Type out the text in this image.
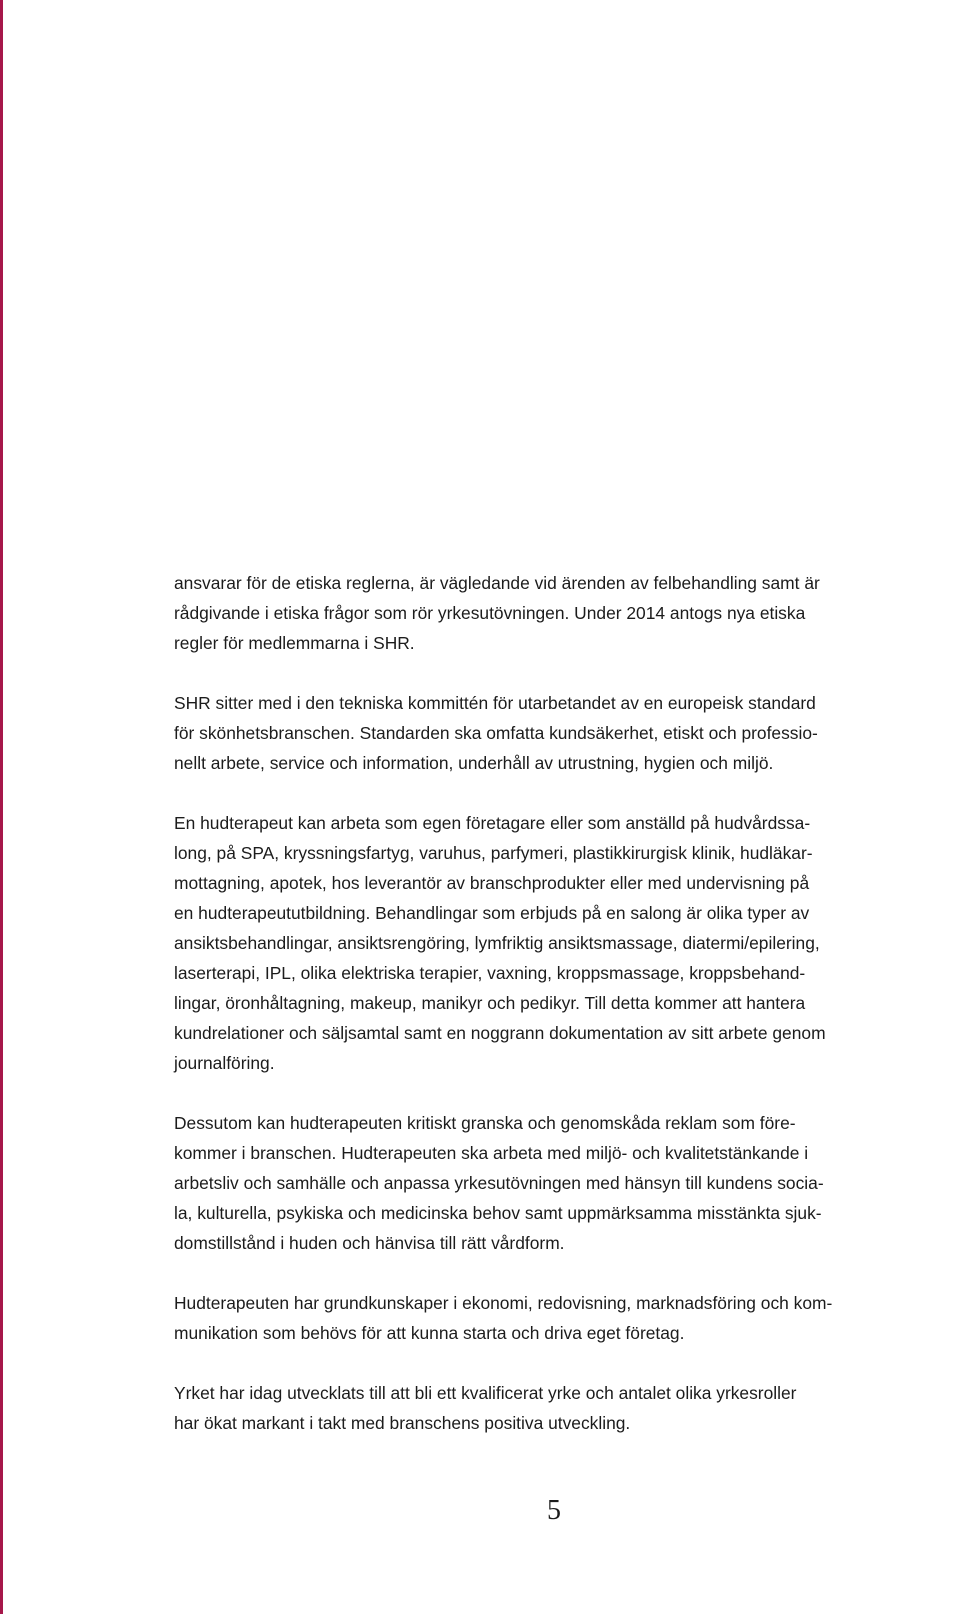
ansvarar för de etiska reglerna, är vägledande vid ärenden av felbehandling samt är
rådgivande i etiska frågor som rör yrkesutövningen. Under 2014 antogs nya etiska
regler för medlemmarna i SHR.

SHR sitter med i den tekniska kommittén för utarbetandet av en europeisk standard
för skönhetsbranschen. Standarden ska omfatta kundsäkerhet, etiskt och professio-
nellt arbete, service och information, underhåll av utrustning, hygien och miljö.

En hudterapeut kan arbeta som egen företagare eller som anställd på hudvårdssa-
long, på SPA, kryssningsfartyg, varuhus, parfymeri, plastikkirurgisk klinik, hudläkar-
mottagning, apotek, hos leverantör av branschprodukter eller med undervisning på
en hudterapeututbildning. Behandlingar som erbjuds på en salong är olika typer av
ansiktsbehandlingar, ansiktsrengöring, lymfriktig ansiktsmassage, diatermi/epilering,
laserterapi, IPL, olika elektriska terapier, vaxning, kroppsmassage, kroppsbehand-
lingar, öronhåltagning, makeup, manikyr och pedikyr. Till detta kommer att hantera
kundrelationer och säljsamtal samt en noggrann dokumentation av sitt arbete genom
journalföring.

Dessutom kan hudterapeuten kritiskt granska och genomskåda reklam som före-
kommer i branschen. Hudterapeuten ska arbeta med miljö- och kvalitetstänkande i
arbetsliv och samhälle och anpassa yrkesutövningen med hänsyn till kundens socia-
la, kulturella, psykiska och medicinska behov samt uppmärksamma misstänkta sjuk-
domstillstånd i huden och hänvisa till rätt vårdform.

Hudterapeuten har grundkunskaper i ekonomi, redovisning, marknadsföring och kom-
munikation som behövs för att kunna starta och driva eget företag.

Yrket har idag utvecklats till att bli ett kvalificerat yrke och antalet olika yrkesroller
har ökat markant i takt med branschens positiva utveckling.

5
